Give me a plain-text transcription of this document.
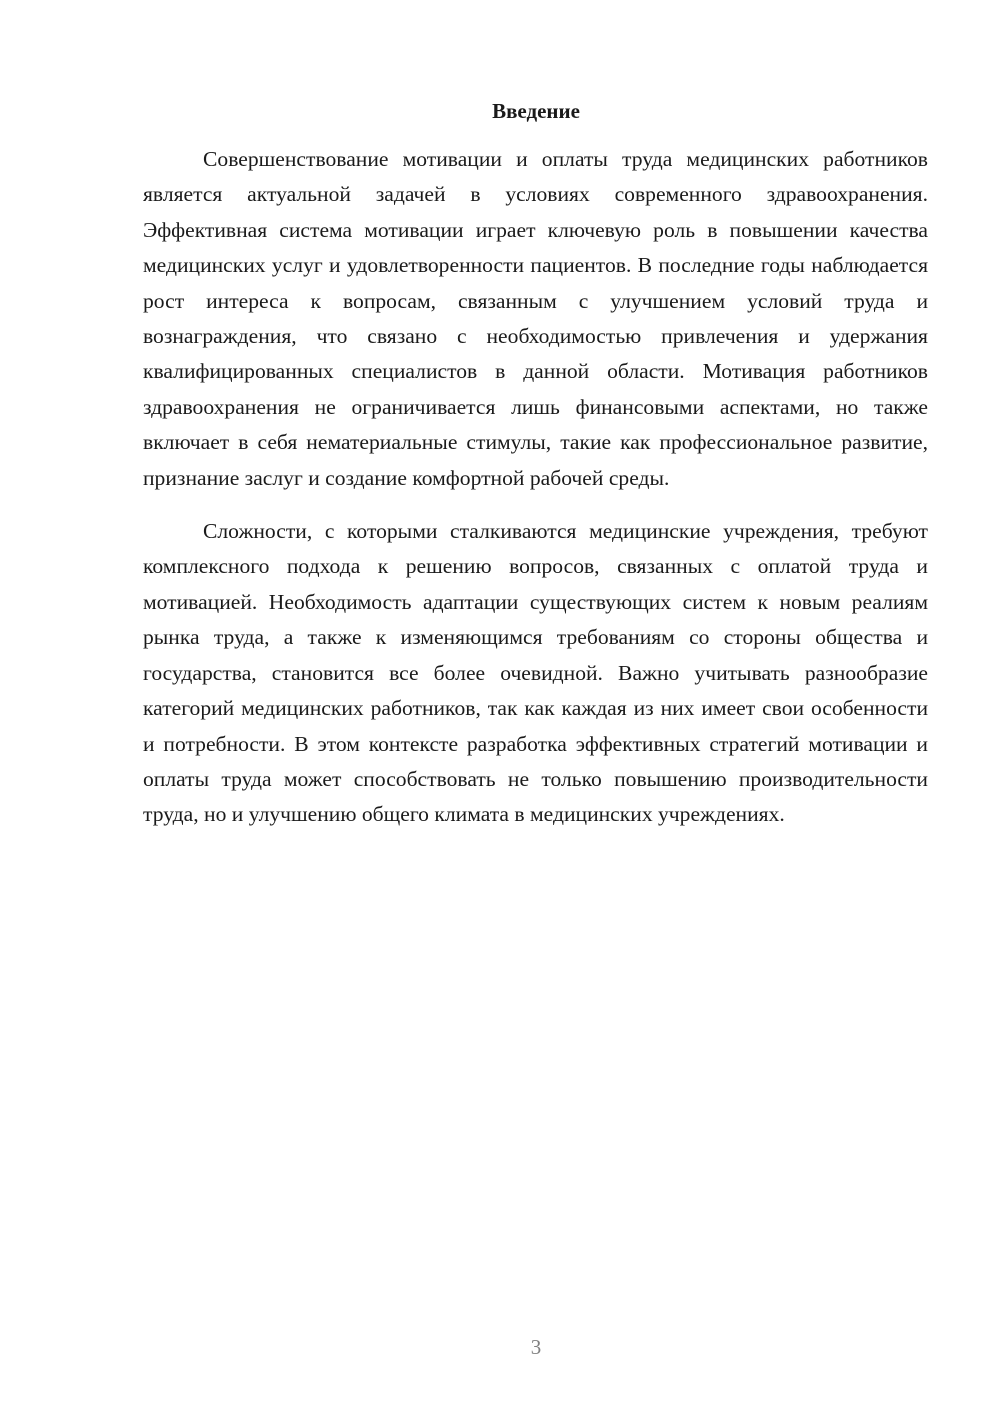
Введение

Совершенствование мотивации и оплаты труда медицинских работников является актуальной задачей в условиях современного здравоохранения. Эффективная система мотивации играет ключевую роль в повышении качества медицинских услуг и удовлетворенности пациентов. В последние годы наблюдается рост интереса к вопросам, связанным с улучшением условий труда и вознаграждения, что связано с необходимостью привлечения и удержания квалифицированных специалистов в данной области. Мотивация работников здравоохранения не ограничивается лишь финансовыми аспектами, но также включает в себя нематериальные стимулы, такие как профессиональное развитие, признание заслуг и создание комфортной рабочей среды.

Сложности, с которыми сталкиваются медицинские учреждения, требуют комплексного подхода к решению вопросов, связанных с оплатой труда и мотивацией. Необходимость адаптации существующих систем к новым реалиям рынка труда, а также к изменяющимся требованиям со стороны общества и государства, становится все более очевидной. Важно учитывать разнообразие категорий медицинских работников, так как каждая из них имеет свои особенности и потребности. В этом контексте разработка эффективных стратегий мотивации и оплаты труда может способствовать не только повышению производительности труда, но и улучшению общего климата в медицинских учреждениях.

3
